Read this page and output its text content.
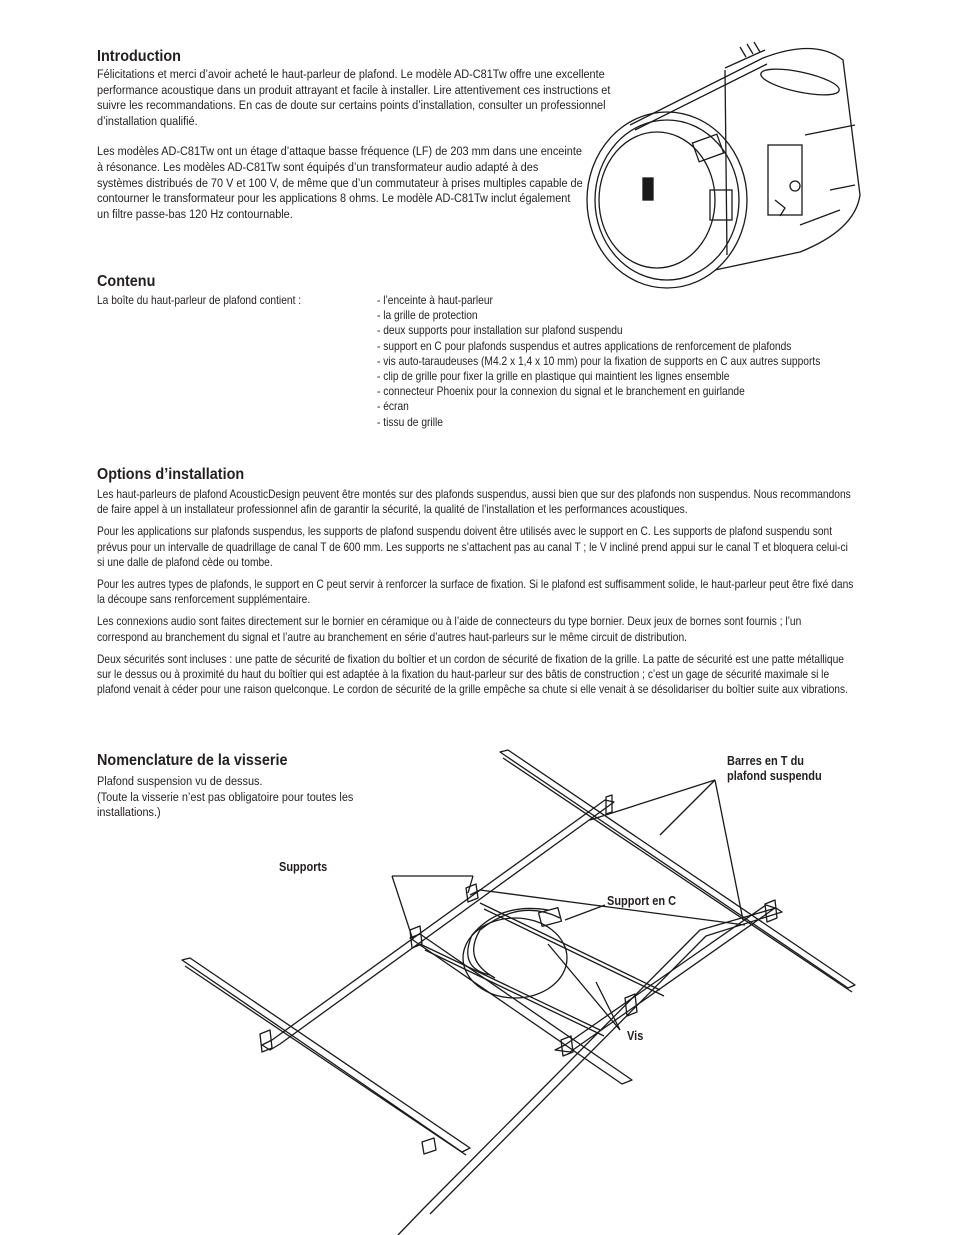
Introduction

Félicitations et merci d’avoir acheté le haut-parleur de plafond. Le modèle AD-C81Tw offre une excellente performance acoustique dans un produit attrayant et facile à installer. Lire attentivement ces instructions et suivre les recommandations. En cas de doute sur certains points d’installation, consulter un professionnel d’installation qualifié.

Les modèles AD-C81Tw ont un étage d’attaque basse fréquence (LF) de 203 mm dans une enceinte à résonance. Les modèles AD-C81Tw sont équipés d’un transformateur audio adapté à des systèmes distribués de 70 V et 100 V, de même que d’un commutateur à prises multiples capable de contourner le transformateur pour les applications 8 ohms. Le modèle AD-C81Tw inclut également un filtre passe-bas 120 Hz contournable.

Contenu
La boîte du haut-parleur de plafond contient :	- l’enceinte à haut-parleur
- la grille de protection
- deux supports pour installation sur plafond suspendu
- support en C pour plafonds suspendus et autres applications de renforcement de plafonds
- vis auto-taraudeuses (M4.2 x 1,4 x 10 mm) pour la fixation de supports en C aux autres supports
- clip de grille pour fixer la grille en plastique qui maintient les lignes ensemble
- connecteur Phoenix pour la connexion du signal et le branchement en guirlande
- écran
- tissu de grille
Options d’installation

Les haut-parleurs de plafond AcousticDesign peuvent être montés sur des plafonds suspendus, aussi bien que sur des plafonds non suspendus. Nous recommandons de faire appel à un installateur professionnel afin de garantir la sécurité, la qualité de l’installation et les performances acoustiques.

Pour les applications sur plafonds suspendus, les supports de plafond suspendu doivent être utilisés avec le support en C. Les supports de plafond suspendu sont prévus pour un intervalle de quadrillage de canal T de 600 mm. Les supports ne s’attachent pas au canal T ; le V incliné prend appui sur le canal T et bloquera celui-ci si une dalle de plafond cède ou tombe.

Pour les autres types de plafonds, le support en C peut servir à renforcer la surface de fixation. Si le plafond est suffisamment solide, le haut-parleur peut être fixé dans la découpe sans renforcement supplémentaire.

Les connexions audio sont faites directement sur le bornier en céramique ou à l’aide de connecteurs du type bornier. Deux jeux de bornes sont fournis ; l’un correspond au branchement du signal et l’autre au branchement en série d’autres haut-parleurs sur le même circuit de distribution.

Deux sécurités sont incluses : une patte de sécurité de fixation du boîtier et un cordon de sécurité de fixation de la grille. La patte de sécurité est une patte métallique sur le dessus ou à proximité du haut du boîtier qui est adaptée à la fixation du haut-parleur sur des bâtis de construction ; c’est un gage de sécurité maximale si le plafond venait à céder pour une raison quelconque. Le cordon de sécurité de la grille empêche sa chute si elle venait à se désolidariser du boîtier suite aux vibrations.

Nomenclature de la visserie

Plafond suspension vu de dessus.

(Toute la visserie n’est pas obligatoire pour toutes les installations.)

Barres en T du
plafond suspendu
Supports
Support en C
Vis
